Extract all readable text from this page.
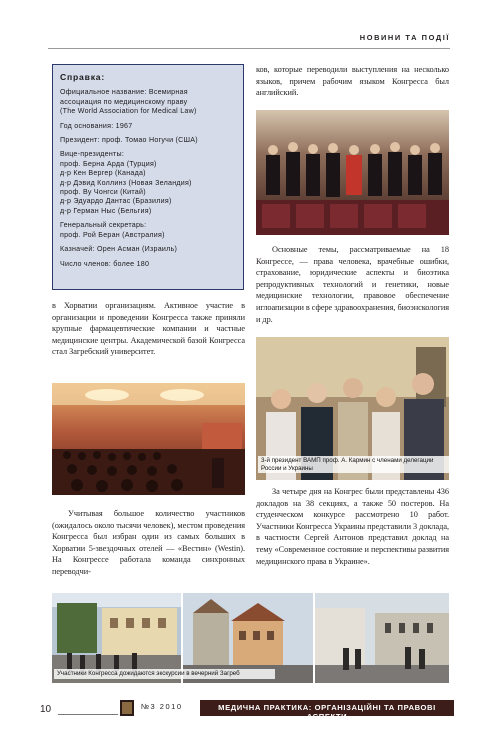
НОВИНИ ТА ПОДІЇ
Справка:

Официальное название: Всемирная
ассоциация по медицинскому праву
(The World Association for Medical Law)

Год основания: 1967

Президент: проф. Томао Ногучи (США)

Вице-президенты:
проф. Берна Арда (Турция)
д-р Кен Вергер (Канада)
д-р Дэвид Коллинз (Новая Зеландия)
проф. Ву Чонгси (Китай)
д-р Эдуардо Дантас (Бразилия)
д-р Герман Ныс (Бельгия)

Генеральный секретарь:
проф. Рой Беран (Австралия)

Казначей: Орен Асман (Израиль)

Число членов: более 180

в Хорватии организациям. Активное участие в организации и проведении Конгресса также приняли крупные фармацевтические компании и частные медицинские центры. Академической базой Конгресса стал Загребский университет.

Учитывая большое количество участников (ожидалось около тысячи человек), местом проведения Конгресса был избран один из самых больших в Хорватии 5-звездочных отелей — «Вестин» (Westin). На Конгрессе работала команда синхронных переводчи-

ков, которые переводили выступления на несколько языков, причем рабочим языком Конгресса был английский.

Основные темы, рассматриваемые на 18 Конгрессе, — права человека, врачебные ошибки, страхование, юридические аспекты и биоэтика репродуктивных технологий и генетики, новые медицинские технологии, правовое обеспечение иглоапизации в сфере здравоохранения, биоэнскология и др.

3-й президент ВАМП проф. А. Кармин с членами делегации России и Украины

За четыре дня на Конгрес были представлены 436 докладов на 38 секциях, а также 50 постеров. На студенческом конкурсе рассмотрено 10 работ. Участники Конгресса Украины представили 3 доклада, в частности Сергей Антонов представил доклад на тему «Современное состояние и перспективы развития медицинского права в Украине».

Участники Конгресса дожидаются экскурсии в вечерний Загреб
10	№3 2010	МЕДИЧНА ПРАКТИКА: ОРГАНІЗАЦІЙНІ ТА ПРАВОВІ АСПЕКТИ
